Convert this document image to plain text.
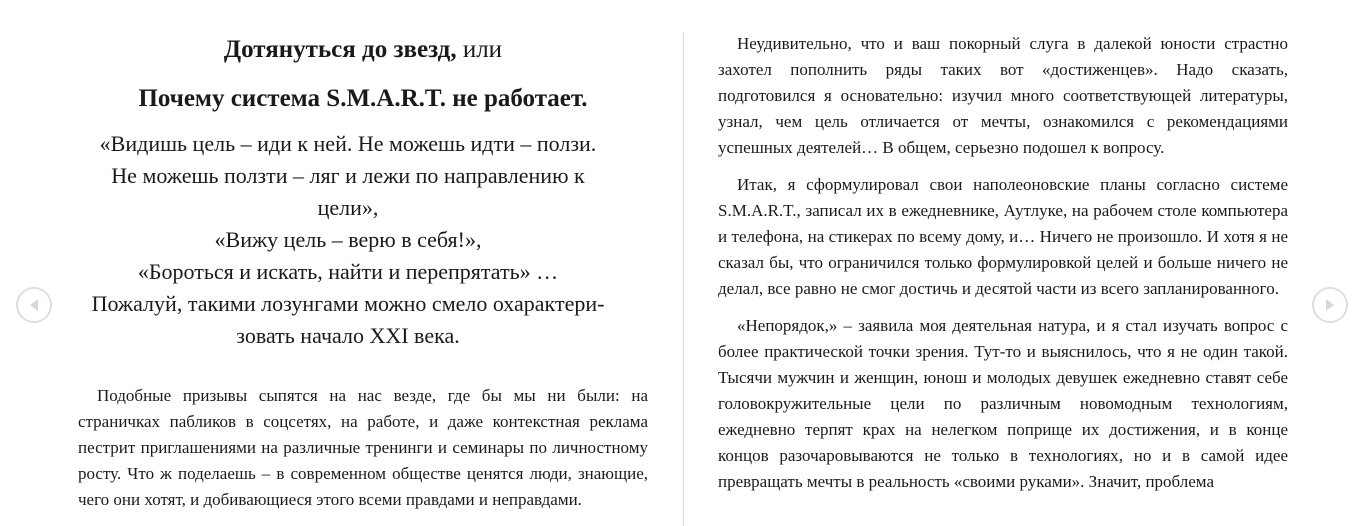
Дотянуться до звезд, или
Почему система S.M.A.R.T. не работает.
«Видишь цель – иди к ней. Не можешь идти – ползи.
Не можешь ползти – ляг и лежи по направлению к
цели»,
«Вижу цель – верю в себя!»,
«Бороться и искать, найти и перепрятать» …
Пожалуй, такими лозунгами можно смело охарактери-
зовать начало XXI века.

Подобные призывы сыпятся на нас везде, где бы мы ни были: на страничках пабликов в соцсетях, на работе, и даже контекстная реклама пестрит приглашениями на различные тренинги и семинары по личностному росту. Что ж поделаешь – в современном обществе ценятся люди, знающие, чего они хотят, и добивающиеся этого всеми правдами и неправдами.

Неудивительно, что и ваш покорный слуга в далекой юности страстно захотел пополнить ряды таких вот «достиженцев». Надо сказать, подготовился я основательно: изучил много соответствующей литературы, узнал, чем цель отличается от мечты, ознакомился с рекомендациями успешных деятелей… В общем, серьезно подошел к вопросу.

Итак, я сформулировал свои наполеоновские планы согласно системе S.M.A.R.T., записал их в ежедневнике, Аутлуке, на рабочем столе компьютера и телефона, на стикерах по всему дому, и… Ничего не произошло. И хотя я не сказал бы, что ограничился только формулировкой целей и больше ничего не делал, все равно не смог достичь и десятой части из всего запланированного.

«Непорядок,» – заявила моя деятельная натура, и я стал изучать вопрос с более практической точки зрения. Тут-то и выяснилось, что я не один такой. Тысячи мужчин и женщин, юнош и молодых девушек ежедневно ставят себе головокружительные цели по различным новомодным технологиям, ежедневно терпят крах на нелегком поприще их достижения, и в конце концов разочаровываются не только в технологиях, но и в самой идее превращать мечты в реальность «своими руками». Значит, проблема
